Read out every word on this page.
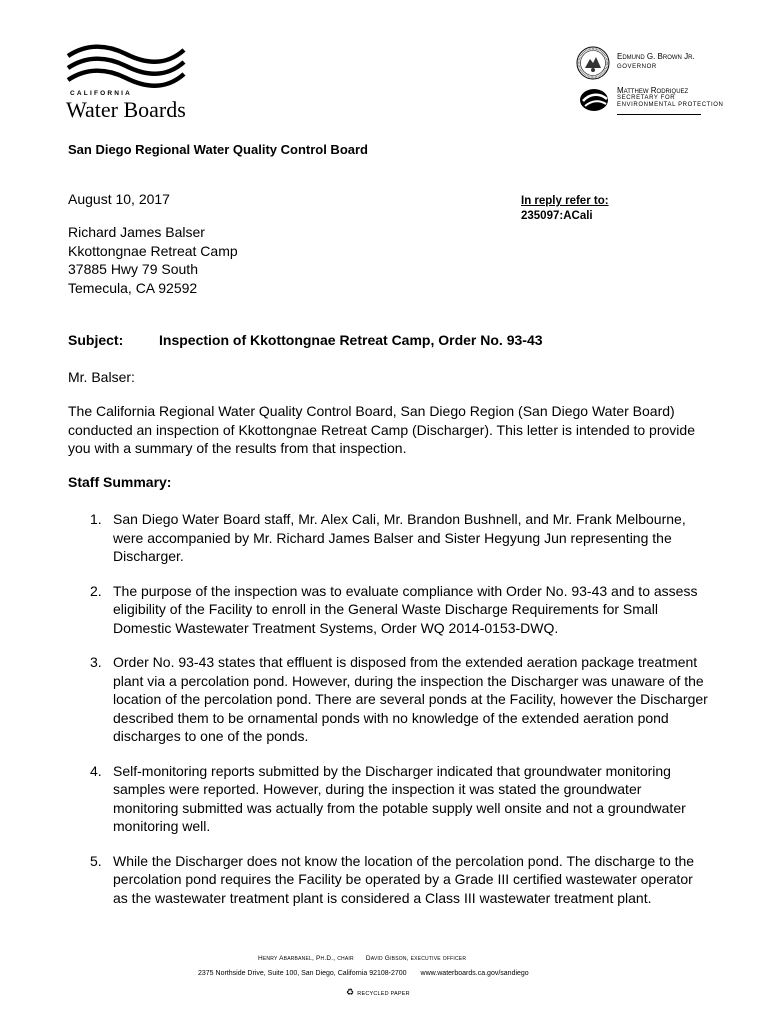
CALIFORNIA
Water Boards
Edmund G. Brown Jr.
GOVERNOR
Matthew Rodriquez
SECRETARY FOR
ENVIRONMENTAL PROTECTION
San Diego Regional Water Quality Control Board
August 10, 2017	In reply refer to:
235097:ACali
Richard James Balser
Kkottongnae Retreat Camp
37885 Hwy 79 South
Temecula, CA 92592
Subject:	Inspection of Kkottongnae Retreat Camp, Order No. 93-43
Mr. Balser:
The California Regional Water Quality Control Board, San Diego Region (San Diego Water Board) conducted an inspection of Kkottongnae Retreat Camp (Discharger). This letter is intended to provide you with a summary of the results from that inspection.
Staff Summary:
1. San Diego Water Board staff, Mr. Alex Cali, Mr. Brandon Bushnell, and Mr. Frank Melbourne, were accompanied by Mr. Richard James Balser and Sister Hegyung Jun representing the Discharger.
2. The purpose of the inspection was to evaluate compliance with Order No. 93-43 and to assess eligibility of the Facility to enroll in the General Waste Discharge Requirements for Small Domestic Wastewater Treatment Systems, Order WQ 2014-0153-DWQ.
3. Order No. 93-43 states that effluent is disposed from the extended aeration package treatment plant via a percolation pond. However, during the inspection the Discharger was unaware of the location of the percolation pond. There are several ponds at the Facility, however the Discharger described them to be ornamental ponds with no knowledge of the extended aeration pond discharges to one of the ponds.
4. Self-monitoring reports submitted by the Discharger indicated that groundwater monitoring samples were reported. However, during the inspection it was stated the groundwater monitoring submitted was actually from the potable supply well onsite and not a groundwater monitoring well.
5. While the Discharger does not know the location of the percolation pond. The discharge to the percolation pond requires the Facility be operated by a Grade III certified wastewater operator as the wastewater treatment plant is considered a Class III wastewater treatment plant.
Henry Abarbanel, Ph.D., chair David Gibson, executive officer
2375 Northside Drive, Suite 100, San Diego, California 92108-2700 www.waterboards.ca.gov/sandiego
♻ RECYCLED PAPER
